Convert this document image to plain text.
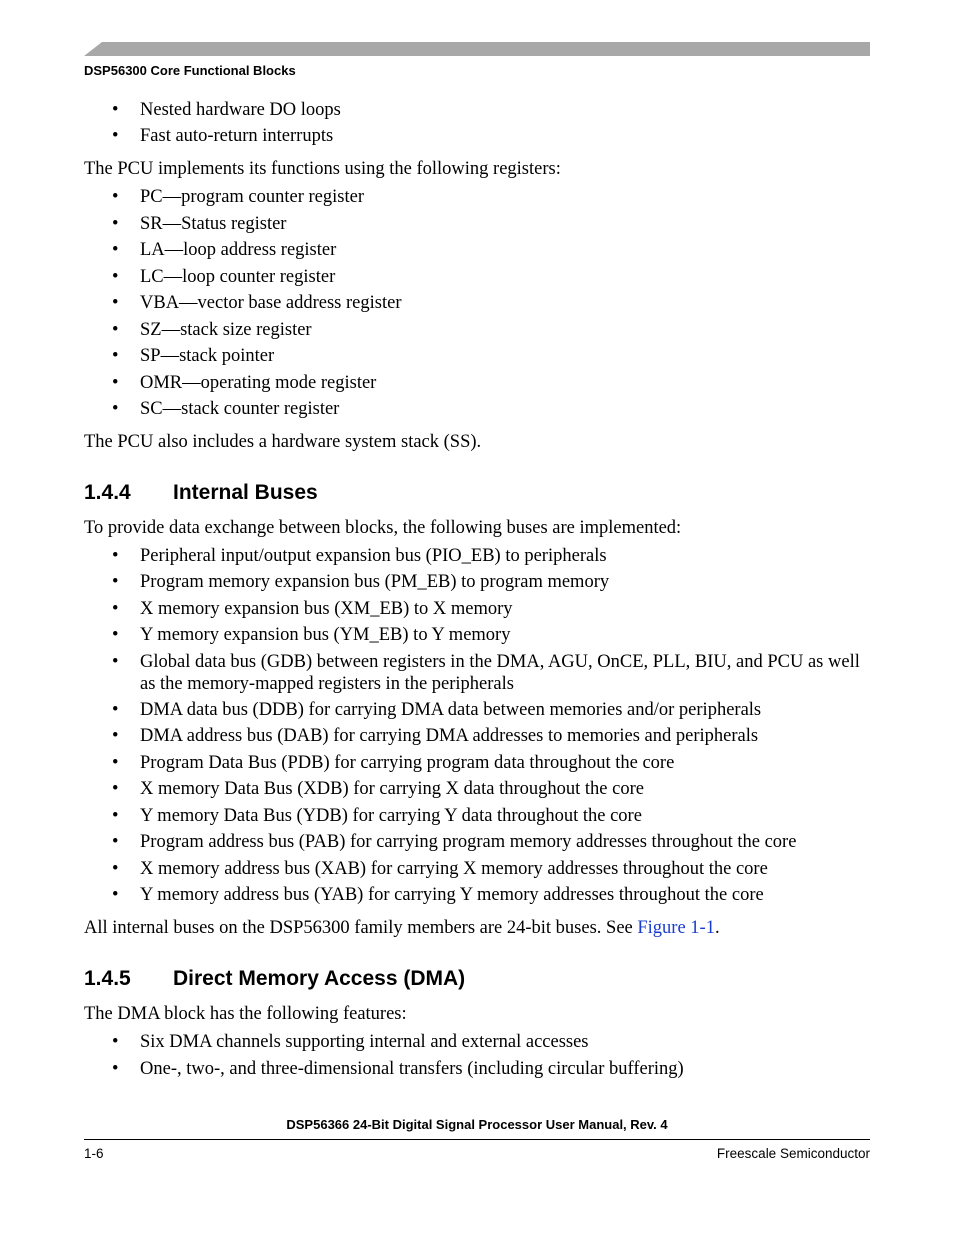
DSP56300 Core Functional Blocks
• Nested hardware DO loops
• Fast auto-return interrupts
The PCU implements its functions using the following registers:
• PC—program counter register
• SR—Status register
• LA—loop address register
• LC—loop counter register
• VBA—vector base address register
• SZ—stack size register
• SP—stack pointer
• OMR—operating mode register
• SC—stack counter register
The PCU also includes a hardware system stack (SS).
1.4.4 Internal Buses
To provide data exchange between blocks, the following buses are implemented:
• Peripheral input/output expansion bus (PIO_EB) to peripherals
• Program memory expansion bus (PM_EB) to program memory
• X memory expansion bus (XM_EB) to X memory
• Y memory expansion bus (YM_EB) to Y memory
• Global data bus (GDB) between registers in the DMA, AGU, OnCE, PLL, BIU, and PCU as well as the memory-mapped registers in the peripherals
• DMA data bus (DDB) for carrying DMA data between memories and/or peripherals
• DMA address bus (DAB) for carrying DMA addresses to memories and peripherals
• Program Data Bus (PDB) for carrying program data throughout the core
• X memory Data Bus (XDB) for carrying X data throughout the core
• Y memory Data Bus (YDB) for carrying Y data throughout the core
• Program address bus (PAB) for carrying program memory addresses throughout the core
• X memory address bus (XAB) for carrying X memory addresses throughout the core
• Y memory address bus (YAB) for carrying Y memory addresses throughout the core
All internal buses on the DSP56300 family members are 24-bit buses. See Figure 1-1.
1.4.5 Direct Memory Access (DMA)
The DMA block has the following features:
• Six DMA channels supporting internal and external accesses
• One-, two-, and three-dimensional transfers (including circular buffering)
DSP56366 24-Bit Digital Signal Processor User Manual, Rev. 4
1-6	Freescale Semiconductor
